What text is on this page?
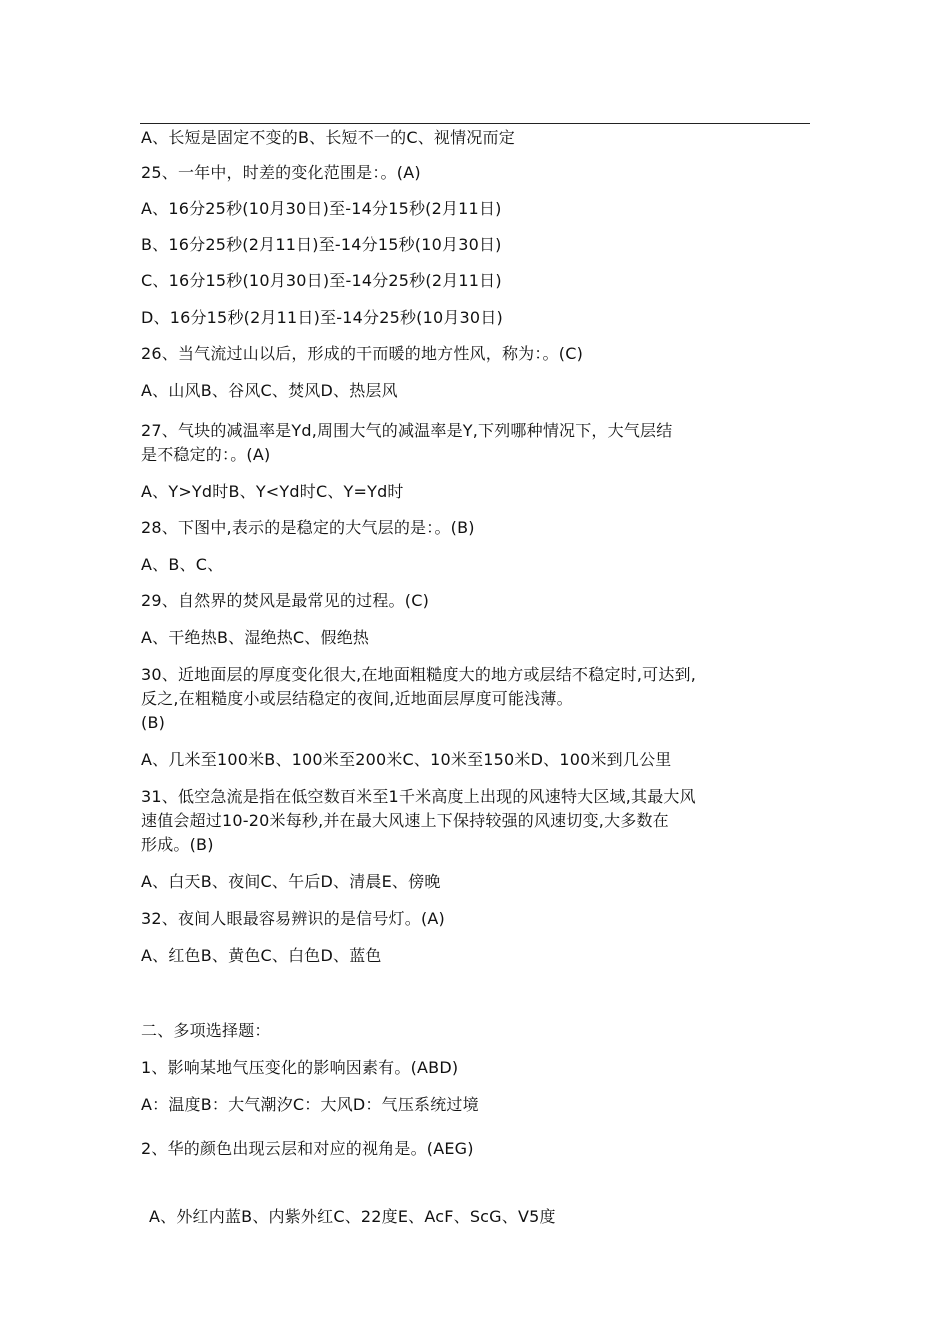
A、长短是固定不变的B、长短不一的C、视情况而定
25、一年中，时差的变化范围是：。(A)
A、16分25秒(10月30日)至-14分15秒(2月11日)
B、16分25秒(2月11日)至-14分15秒(10月30日)
C、16分15秒(10月30日)至-14分25秒(2月11日)
D、16分15秒(2月11日)至-14分25秒(10月30日)
26、当气流过山以后，形成的干而暖的地方性风，称为：。(C)
A、山风B、谷风C、焚风D、热层风
27、气块的减温率是Yd,周围大气的减温率是Y,下列哪种情况下，大气层结
是不稳定的：。(A)
A、Y>Yd时B、Y<Yd时C、Y=Yd时
28、下图中,表示的是稳定的大气层的是：。(B)
A、B、C、
29、自然界的焚风是最常见的过程。(C)
A、干绝热B、湿绝热C、假绝热
30、近地面层的厚度变化很大,在地面粗糙度大的地方或层结不稳定时,可达到,
反之,在粗糙度小或层结稳定的夜间,近地面层厚度可能浅薄。
(B)
A、几米至100米B、100米至200米C、10米至150米D、100米到几公里
31、低空急流是指在低空数百米至1千米高度上出现的风速特大区域,其最大风
速值会超过10-20米每秒,并在最大风速上下保持较强的风速切变,大多数在
形成。(B)
A、白天B、夜间C、午后D、清晨E、傍晚
32、夜间人眼最容易辨识的是信号灯。(A)
A、红色B、黄色C、白色D、蓝色
二、多项选择题：
1、影响某地气压变化的影响因素有。(ABD)
A：温度B：大气潮汐C：大风D：气压系统过境
2、华的颜色出现云层和对应的视角是。(AEG)
A、外红内蓝B、内紫外红C、22度E、AcF、ScG、V5度
